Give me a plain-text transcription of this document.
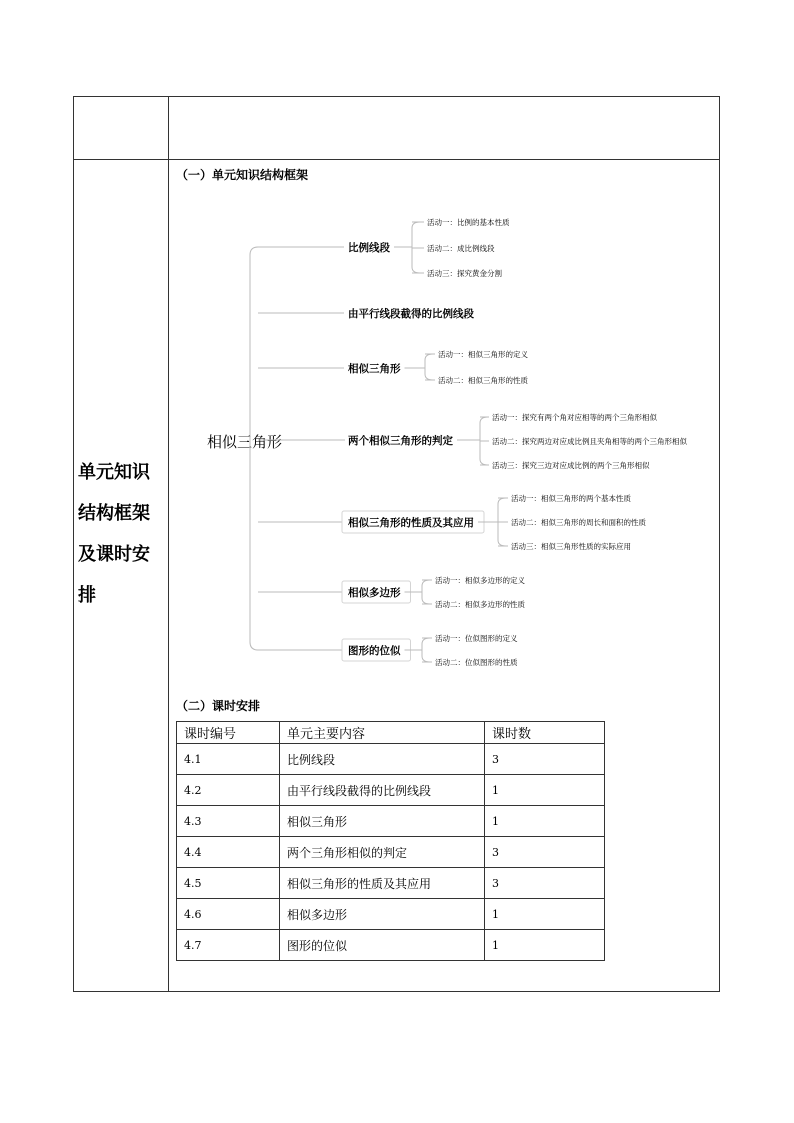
单元知识
结构框架
及课时安
排
（一）单元知识结构框架
相似三角形
比例线段
活动一：比例的基本性质
活动二：成比例线段
活动三：探究黄金分割
由平行线段截得的比例线段
相似三角形
活动一：相似三角形的定义
活动二：相似三角形的性质
两个相似三角形的判定
活动一：探究有两个角对应相等的两个三角形相似
活动二：探究两边对应成比例且夹角相等的两个三角形相似
活动三：探究三边对应成比例的两个三角形相似
相似三角形的性质及其应用
活动一：相似三角形的两个基本性质
活动二：相似三角形的周长和面积的性质
活动三：相似三角形性质的实际应用
相似多边形
活动一：相似多边形的定义
活动二：相似多边形的性质
图形的位似
活动一：位似图形的定义
活动二：位似图形的性质
（二）课时安排
课时编号	单元主要内容	课时数
4.1	比例线段	3
4.2	由平行线段截得的比例线段	1
4.3	相似三角形	1
4.4	两个三角形相似的判定	3
4.5	相似三角形的性质及其应用	3
4.6	相似多边形	1
4.7	图形的位似	1
